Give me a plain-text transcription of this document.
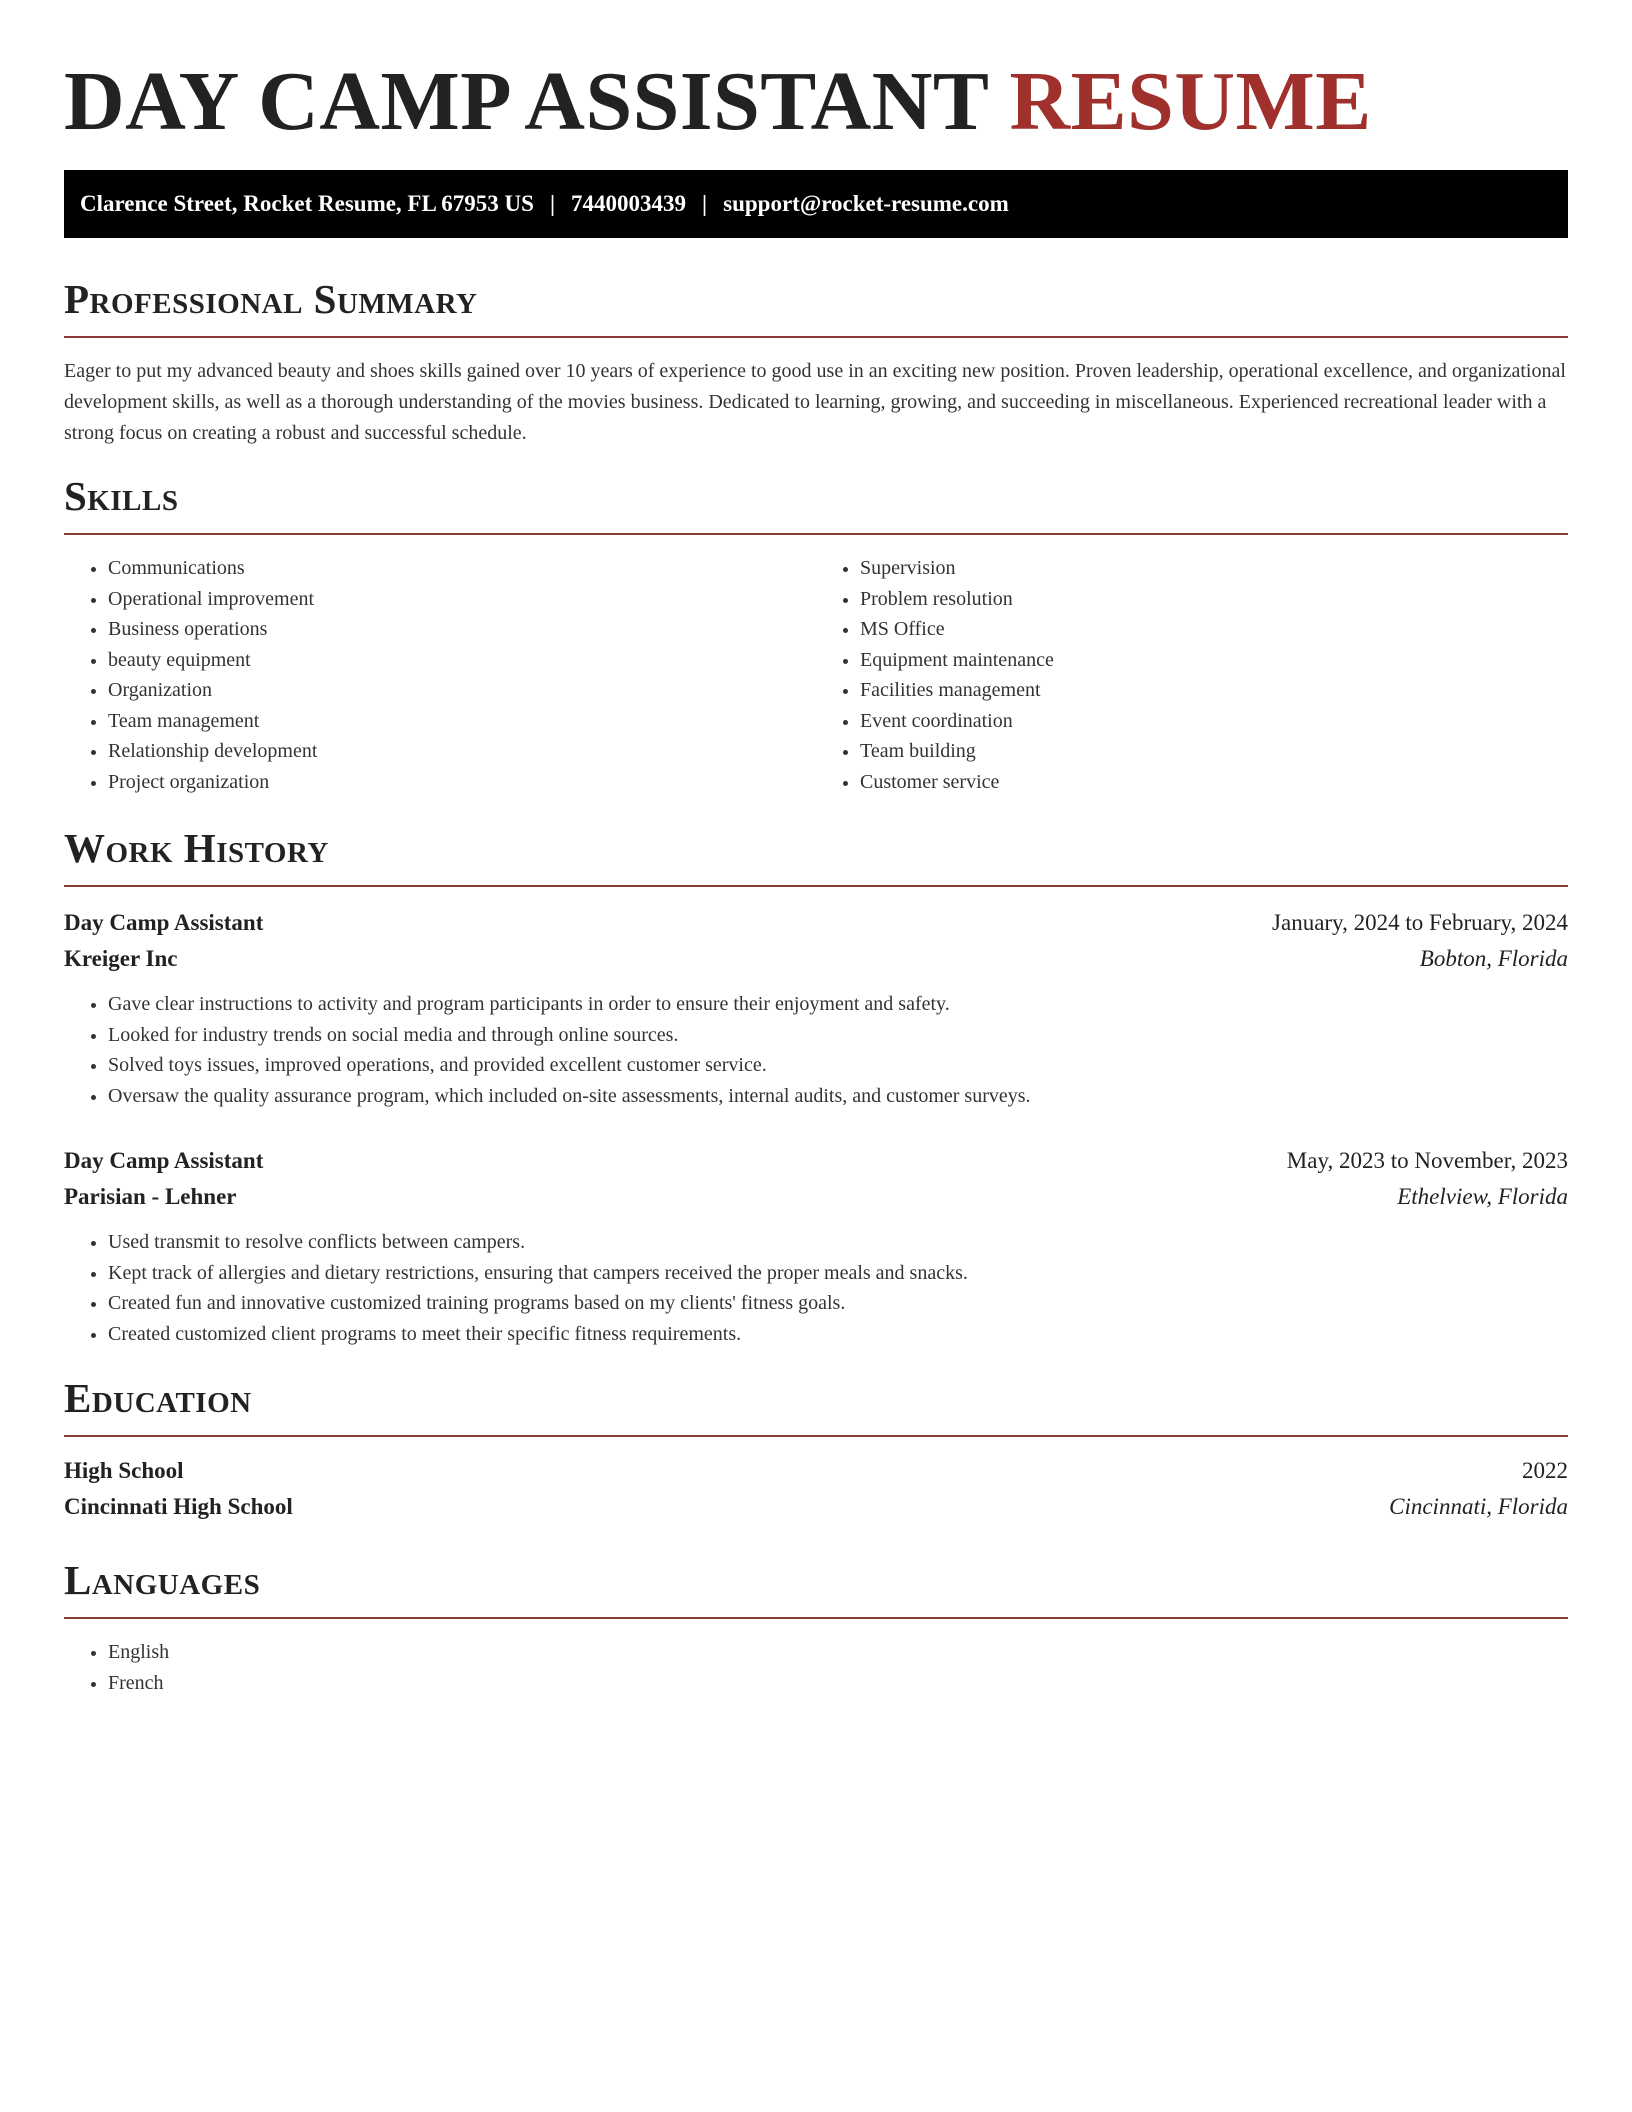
DAY CAMP ASSISTANT RESUME
Clarence Street, Rocket Resume, FL 67953 US | 7440003439 | support@rocket-resume.com
Professional Summary

Eager to put my advanced beauty and shoes skills gained over 10 years of experience to good use in an exciting new position. Proven leadership, operational excellence, and organizational development skills, as well as a thorough understanding of the movies business. Dedicated to learning, growing, and succeeding in miscellaneous. Experienced recreational leader with a strong focus on creating a robust and successful schedule.

Skills
• Communications
• Operational improvement
• Business operations
• beauty equipment
• Organization
• Team management
• Relationship development
• Project organization
• Supervision
• Problem resolution
• MS Office
• Equipment maintenance
• Facilities management
• Event coordination
• Team building
• Customer service
Work History
Day Camp Assistant	January, 2024 to February, 2024
Kreiger Inc	Bobton, Florida
• Gave clear instructions to activity and program participants in order to ensure their enjoyment and safety.
• Looked for industry trends on social media and through online sources.
• Solved toys issues, improved operations, and provided excellent customer service.
• Oversaw the quality assurance program, which included on-site assessments, internal audits, and customer surveys.
Day Camp Assistant	May, 2023 to November, 2023
Parisian - Lehner	Ethelview, Florida
• Used transmit to resolve conflicts between campers.
• Kept track of allergies and dietary restrictions, ensuring that campers received the proper meals and snacks.
• Created fun and innovative customized training programs based on my clients' fitness goals.
• Created customized client programs to meet their specific fitness requirements.
Education
High School	2022
Cincinnati High School	Cincinnati, Florida
Languages
• English
• French
